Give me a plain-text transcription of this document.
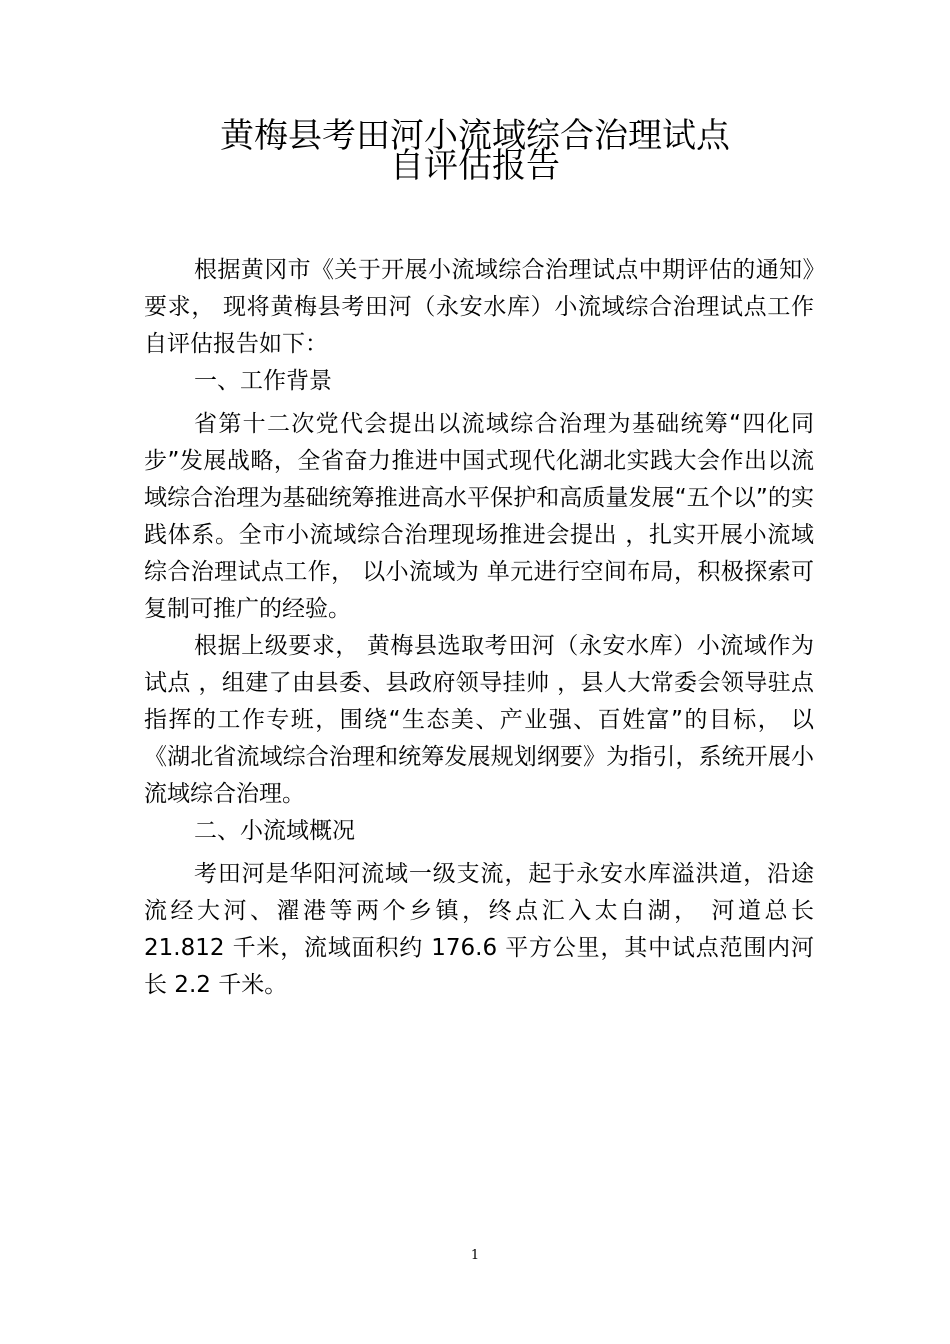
黄梅县考田河小流域综合治理试点
自评估报告

根据黄冈市《关于开展小流域综合治理试点中期评估的通知》要求， 现将黄梅县考田河（永安水库）小流域综合治理试点工作自评估报告如下：

一、工作背景

省第十二次党代会提出以流域综合治理为基础统筹“四化同步”发展战略，全省奋力推进中国式现代化湖北实践大会作出以流域综合治理为基础统筹推进高水平保护和高质量发展“五个以”的实践体系。全市小流域综合治理现场推进会提出 ，扎实开展小流域综合治理试点工作， 以小流域为 单元进行空间布局，积极探索可复制可推广的经验。

根据上级要求， 黄梅县选取考田河（永安水库）小流域作为试点 ，组建了由县委、县政府领导挂帅 ，县人大常委会领导驻点指挥的工作专班，围绕“生态美、产业强、百姓富”的目标， 以《湖北省流域综合治理和统筹发展规划纲要》为指引，系统开展小流域综合治理。

二、小流域概况

考田河是华阳河流域一级支流，起于永安水库溢洪道，沿途流经大河、濯港等两个乡镇，终点汇入太白湖， 河道总长 21.812 千米，流域面积约 176.6 平方公里，其中试点范围内河长 2.2 千米。

1
